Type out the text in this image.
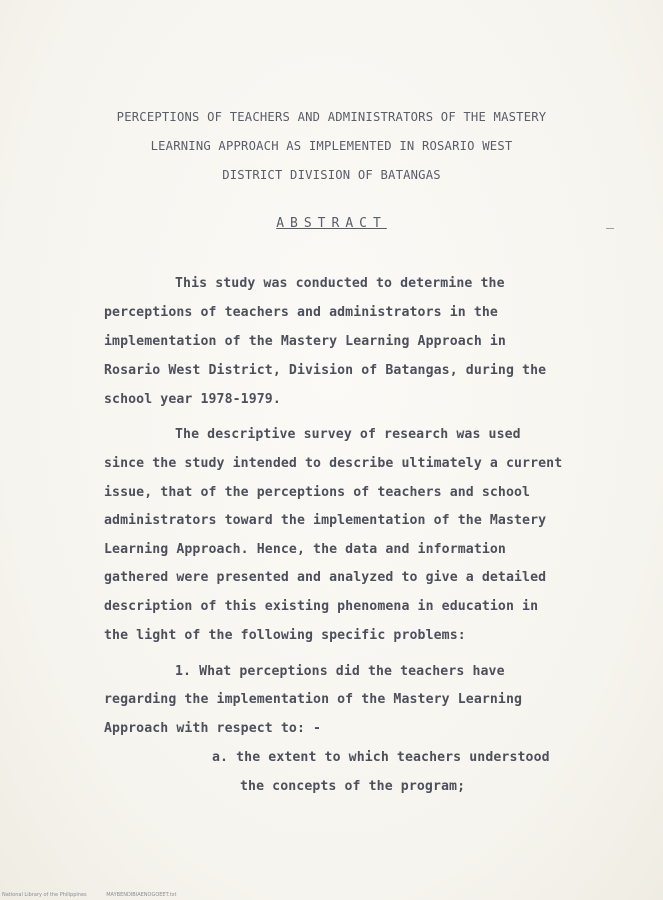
PERCEPTIONS OF TEACHERS AND ADMINISTRATORS OF THE MASTERY
LEARNING APPROACH AS IMPLEMENTED IN ROSARIO WEST
DISTRICT DIVISION OF BATANGAS
ABSTRACT
This study was conducted to determine the
perceptions of teachers and administrators in the
implementation of the Mastery Learning Approach in
Rosario West District, Division of Batangas, during the
school year 1978-1979.
The descriptive survey of research was used
since the study intended to describe ultimately a current
issue, that of the perceptions of teachers and school
administrators toward the implementation of the Mastery
Learning Approach. Hence, the data and information
gathered were presented and analyzed to give a detailed
description of this existing phenomena in education in
the light of the following specific problems:
1. What perceptions did the teachers have
regarding the implementation of the Mastery Learning
Approach with respect to: -
a. the extent to which teachers understood
the concepts of the program;
National Library of the Philippines	MAYBENDIBIAENOGOEET.txt
